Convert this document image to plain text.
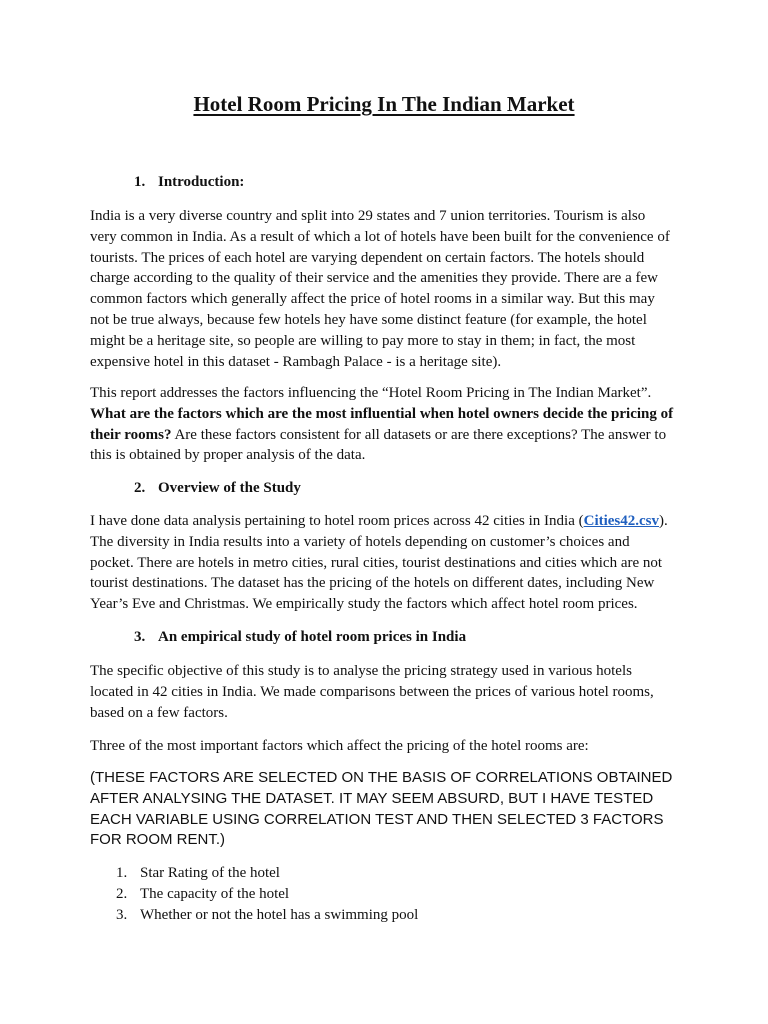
Hotel Room Pricing In The Indian Market
1. Introduction:
India is a very diverse country and split into 29 states and 7 union territories. Tourism is also
very common in India. As a result of which a lot of hotels have been built for the convenience of
tourists. The prices of each hotel are varying dependent on certain factors. The hotels should
charge according to the quality of their service and the amenities they provide. There are a few
common factors which generally affect the price of hotel rooms in a similar way. But this may
not be true always, because few hotels hey have some distinct feature (for example, the hotel
might be a heritage site, so people are willing to pay more to stay in them; in fact, the most
expensive hotel in this dataset - Rambagh Palace - is a heritage site).
This report addresses the factors influencing the “Hotel Room Pricing in The Indian Market”.
What are the factors which are the most influential when hotel owners decide the pricing of
their rooms? Are these factors consistent for all datasets or are there exceptions? The answer to
this is obtained by proper analysis of the data.
2. Overview of the Study
I have done data analysis pertaining to hotel room prices across 42 cities in India (Cities42.csv).
The diversity in India results into a variety of hotels depending on customer’s choices and
pocket. There are hotels in metro cities, rural cities, tourist destinations and cities which are not
tourist destinations. The dataset has the pricing of the hotels on different dates, including New
Year’s Eve and Christmas. We empirically study the factors which affect hotel room prices.
3. An empirical study of hotel room prices in India
The specific objective of this study is to analyse the pricing strategy used in various hotels
located in 42 cities in India. We made comparisons between the prices of various hotel rooms,
based on a few factors.
Three of the most important factors which affect the pricing of the hotel rooms are:
(THESE FACTORS ARE SELECTED ON THE BASIS OF CORRELATIONS OBTAINED
AFTER ANALYSING THE DATASET. IT MAY SEEM ABSURD, BUT I HAVE TESTED
EACH VARIABLE USING CORRELATION TEST AND THEN SELECTED 3 FACTORS
FOR ROOM RENT.)
1. Star Rating of the hotel
2. The capacity of the hotel
3. Whether or not the hotel has a swimming pool
